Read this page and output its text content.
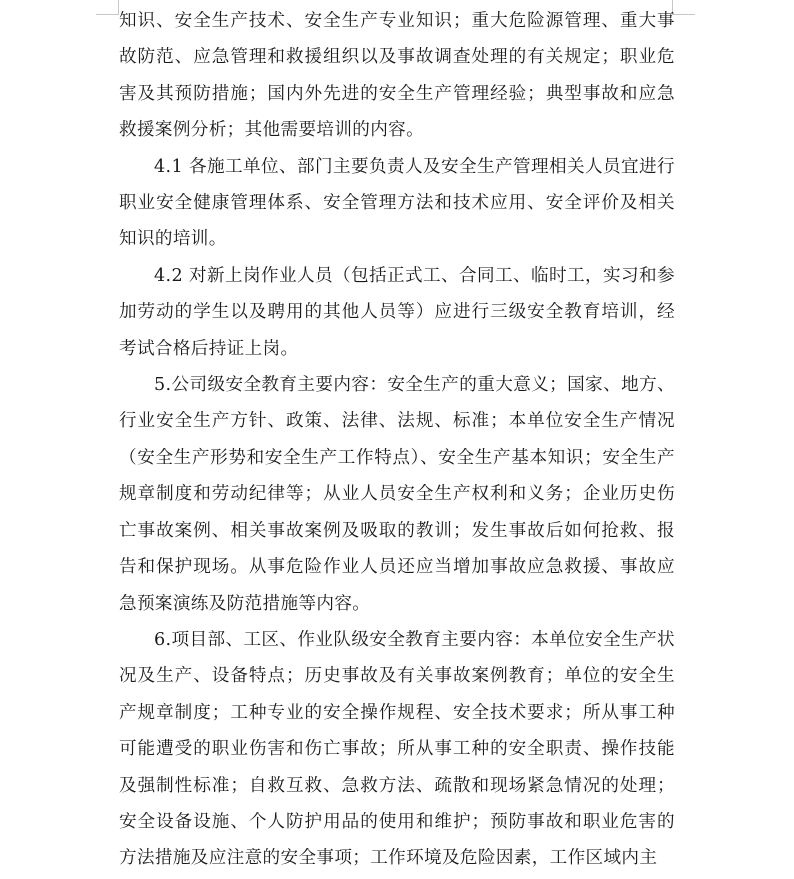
知识、安全生产技术、安全生产专业知识；重大危险源管理、重大事故防范、应急管理和救援组织以及事故调查处理的有关规定；职业危害及其预防措施；国内外先进的安全生产管理经验；典型事故和应急救援案例分析；其他需要培训的内容。

4.1 各施工单位、部门主要负责人及安全生产管理相关人员宜进行职业安全健康管理体系、安全管理方法和技术应用、安全评价及相关知识的培训。

4.2 对新上岗作业人员（包括正式工、合同工、临时工，实习和参加劳动的学生以及聘用的其他人员等）应进行三级安全教育培训，经考试合格后持证上岗。

5.公司级安全教育主要内容：安全生产的重大意义；国家、地方、行业安全生产方针、政策、法律、法规、标准；本单位安全生产情况（安全生产形势和安全生产工作特点）、安全生产基本知识；安全生产规章制度和劳动纪律等；从业人员安全生产权利和义务；企业历史伤亡事故案例、相关事故案例及吸取的教训；发生事故后如何抢救、报告和保护现场。从事危险作业人员还应当增加事故应急救援、事故应急预案演练及防范措施等内容。

6.项目部、工区、作业队级安全教育主要内容：本单位安全生产状况及生产、设备特点；历史事故及有关事故案例教育；单位的安全生产规章制度；工种专业的安全操作规程、安全技术要求；所从事工种可能遭受的职业伤害和伤亡事故；所从事工种的安全职责、操作技能及强制性标准；自救互救、急救方法、疏散和现场紧急情况的处理；安全设备设施、个人防护用品的使用和维护；预防事故和职业危害的方法措施及应注意的安全事项；工作环境及危险因素，工作区域内主
